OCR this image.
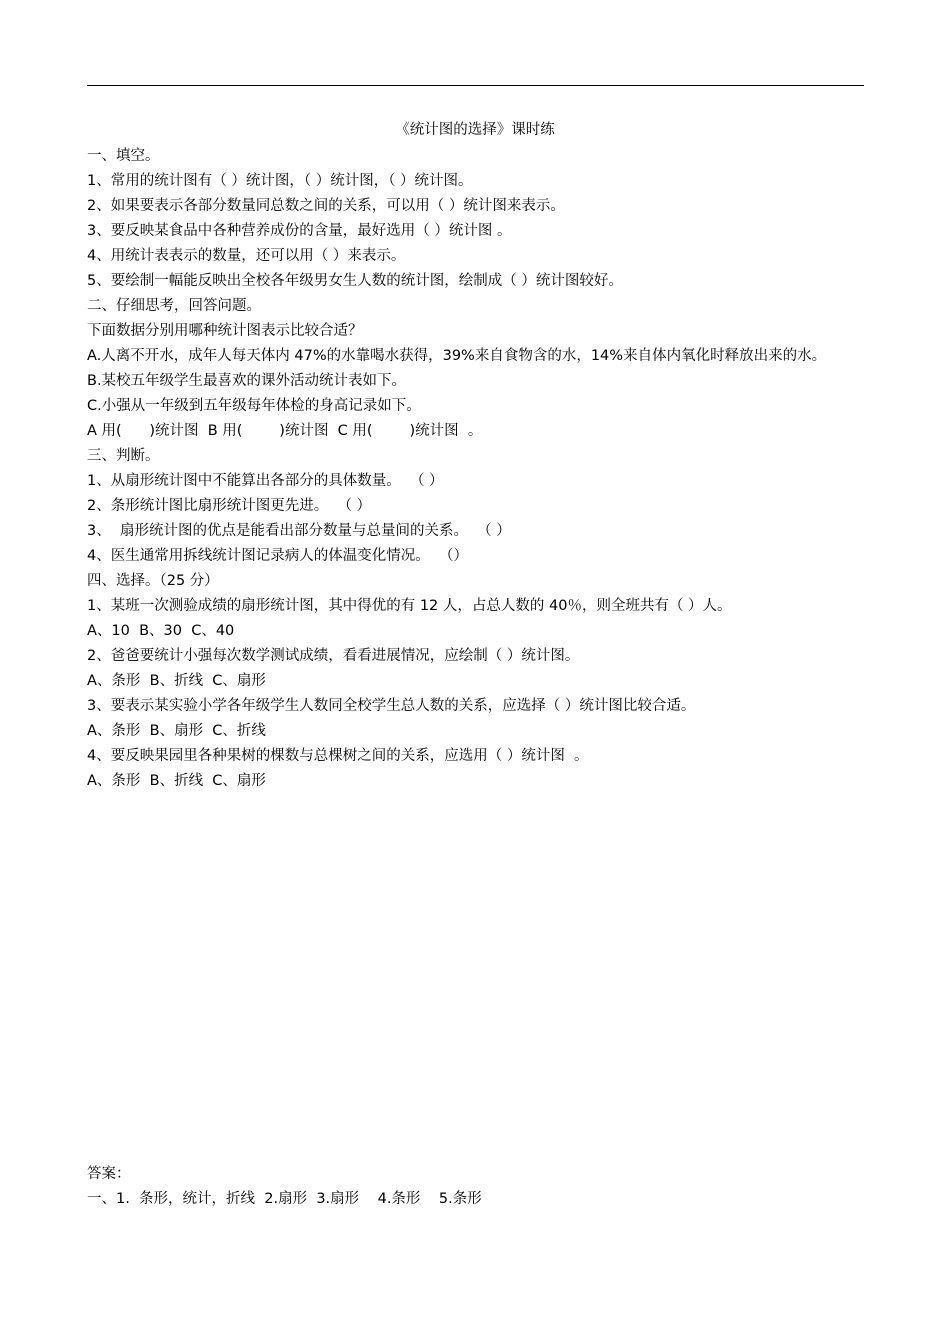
《统计图的选择》课时练
一、填空。
1、常用的统计图有（ ）统计图，（ ）统计图，（ ）统计图。
2、如果要表示各部分数量同总数之间的关系，可以用（ ）统计图来表示。
3、要反映某食品中各种营养成份的含量，最好选用（ ）统计图 。
4、用统计表表示的数量，还可以用（ ）来表示。
5、要绘制一幅能反映出全校各年级男女生人数的统计图，绘制成（ ）统计图较好。
二、仔细思考，回答问题。
下面数据分别用哪种统计图表示比较合适？
A.人离不开水，成年人每天体内 47%的水靠喝水获得，39%来自食物含的水，14%来自体内氧化时释放出来的水。
B.某校五年级学生最喜欢的课外活动统计表如下。
C.小强从一年级到五年级每年体检的身高记录如下。
A 用(      )统计图  B 用(        )统计图  C 用(        )统计图  。
三、判断。
1、从扇形统计图中不能算出各部分的具体数量。  （ ）
2、条形统计图比扇形统计图更先进。  （ ）
3、  扇形统计图的优点是能看出部分数量与总量间的关系。  （ ）
4、医生通常用拆线统计图记录病人的体温变化情况。  （）
四、选择。（25 分）
1、某班一次测验成绩的扇形统计图，其中得优的有 12 人，占总人数的 40％，则全班共有（ ）人。
A、10  B、30  C、40
2、爸爸要统计小强每次数学测试成绩，看看进展情况，应绘制（ ）统计图。
A、条形  B、折线  C、扇形
3、要表示某实验小学各年级学生人数同全校学生总人数的关系，应选择（ ）统计图比较合适。
A、条形  B、扇形  C、折线
4、要反映果园里各种果树的棵数与总棵树之间的关系，应选用（ ）统计图  。
A、条形  B、折线  C、扇形
答案：
一、1.  条形，统计，折线  2.扇形  3.扇形    4.条形    5.条形
